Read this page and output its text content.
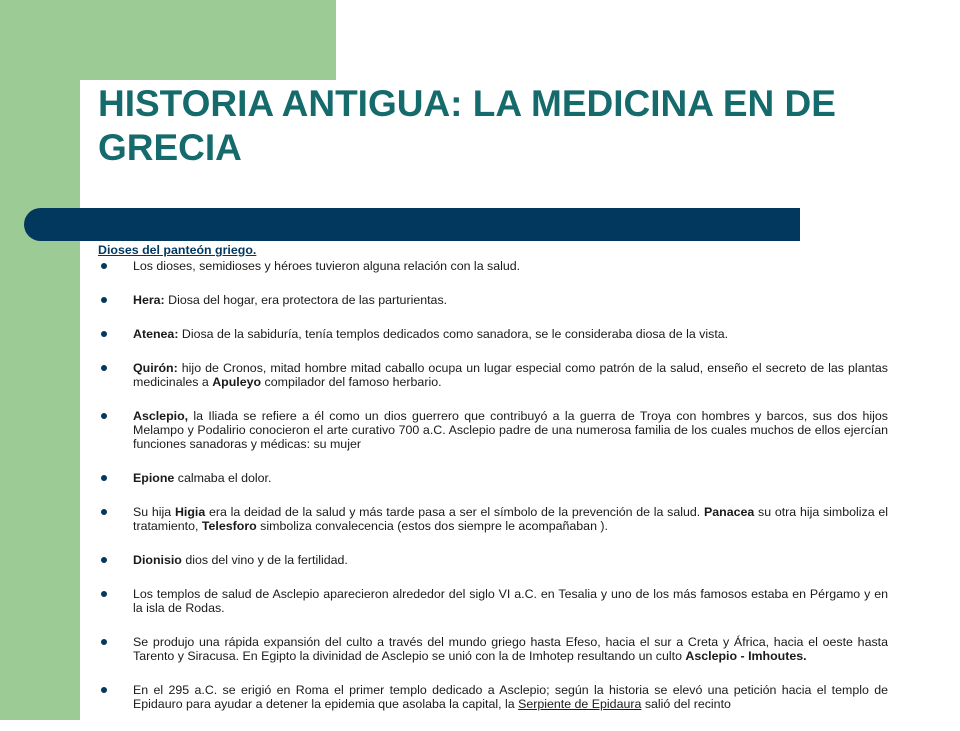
HISTORIA ANTIGUA: LA MEDICINA EN DE GRECIA
Dioses del panteón griego.
Los dioses, semidioses y héroes tuvieron alguna relación con la salud.
Hera: Diosa del hogar, era protectora de las parturientas.
Atenea: Diosa de la sabiduría, tenía templos dedicados como sanadora, se le consideraba diosa de la vista.
Quirón: hijo de Cronos, mitad hombre mitad caballo ocupa un lugar especial como patrón de la salud, enseño el secreto de las plantas medicinales a Apuleyo compilador del famoso herbario.
Asclepio, la Iliada se refiere a él como un dios guerrero que contribuyó a la guerra de Troya con hombres y barcos, sus dos hijos Melampo y Podalirio conocieron el arte curativo 700 a.C. Asclepio padre de una numerosa familia de los cuales muchos de ellos ejercían funciones sanadoras y médicas: su mujer
Epione calmaba el dolor.
Su hija Higia era la deidad de la salud y más tarde pasa a ser el símbolo de la prevención de la salud. Panacea su otra hija simboliza el tratamiento, Telesforo simboliza convalecencia (estos dos siempre le acompañaban ).
Dionisio dios del vino y de la fertilidad.
Los templos de salud de Asclepio aparecieron alrededor del siglo VI a.C. en Tesalia y uno de los más famosos estaba en Pérgamo y en la isla de Rodas.
Se produjo una rápida expansión del culto a través del mundo griego hasta Efeso, hacia el sur a Creta y África, hacia el oeste hasta Tarento y Siracusa. En Egipto la divinidad de Asclepio se unió con la de Imhotep resultando un culto Asclepio - Imhoutes.
En el 295 a.C. se erigió en Roma el primer templo dedicado a Asclepio; según la historia se elevó una petición hacia el templo de Epidauro para ayudar a detener la epidemia que asolaba la capital, la Serpiente de Epidaura salió del recinto
